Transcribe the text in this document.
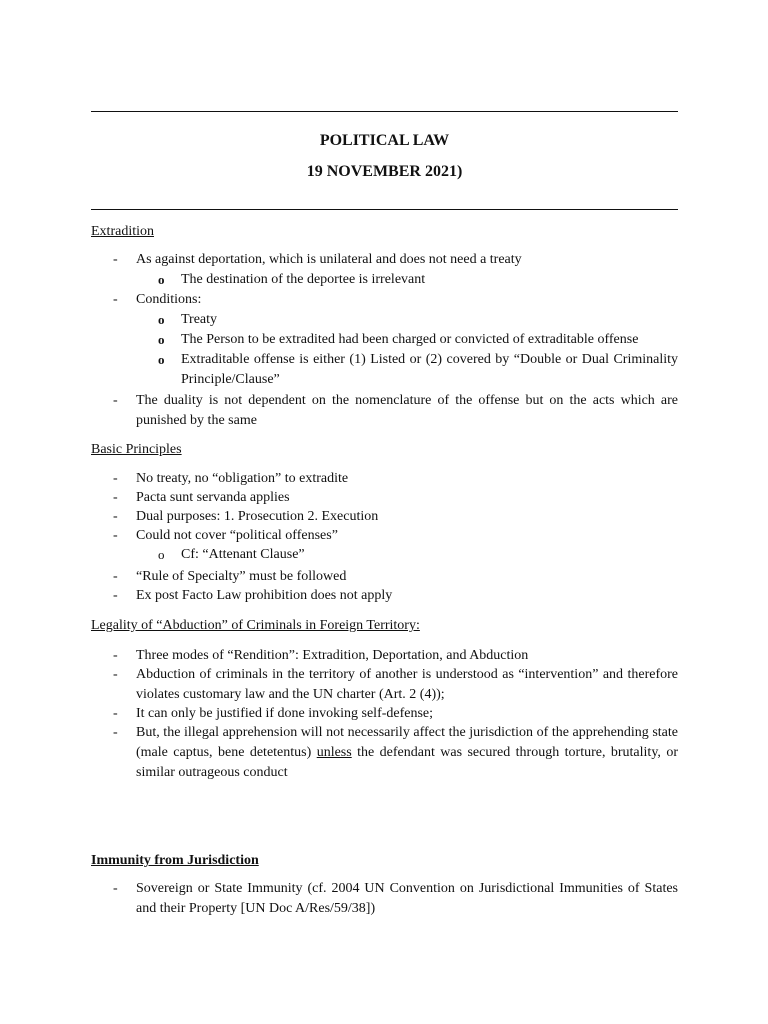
POLITICAL LAW
19 NOVEMBER 2021)
Extradition
- As against deportation, which is unilateral and does not need a treaty
o The destination of the deportee is irrelevant
- Conditions:
o Treaty
o The Person to be extradited had been charged or convicted of extraditable offense
o Extraditable offense is either (1) Listed or (2) covered by “Double or Dual Criminality Principle/Clause”
- The duality is not dependent on the nomenclature of the offense but on the acts which are punished by the same
Basic Principles
- No treaty, no “obligation” to extradite
- Pacta sunt servanda applies
- Dual purposes: 1. Prosecution 2. Execution
- Could not cover “political offenses”
o Cf: “Attenant Clause”
- “Rule of Specialty” must be followed
- Ex post Facto Law prohibition does not apply
Legality of “Abduction” of Criminals in Foreign Territory:
- Three modes of “Rendition”: Extradition, Deportation, and Abduction
- Abduction of criminals in the territory of another is understood as “intervention” and therefore violates customary law and the UN charter (Art. 2 (4));
- It can only be justified if done invoking self-defense;
- But, the illegal apprehension will not necessarily affect the jurisdiction of the apprehending state (male captus, bene detetentus) unless the defendant was secured through torture, brutality, or similar outrageous conduct
Immunity from Jurisdiction
- Sovereign or State Immunity (cf. 2004 UN Convention on Jurisdictional Immunities of States and their Property [UN Doc A/Res/59/38])
